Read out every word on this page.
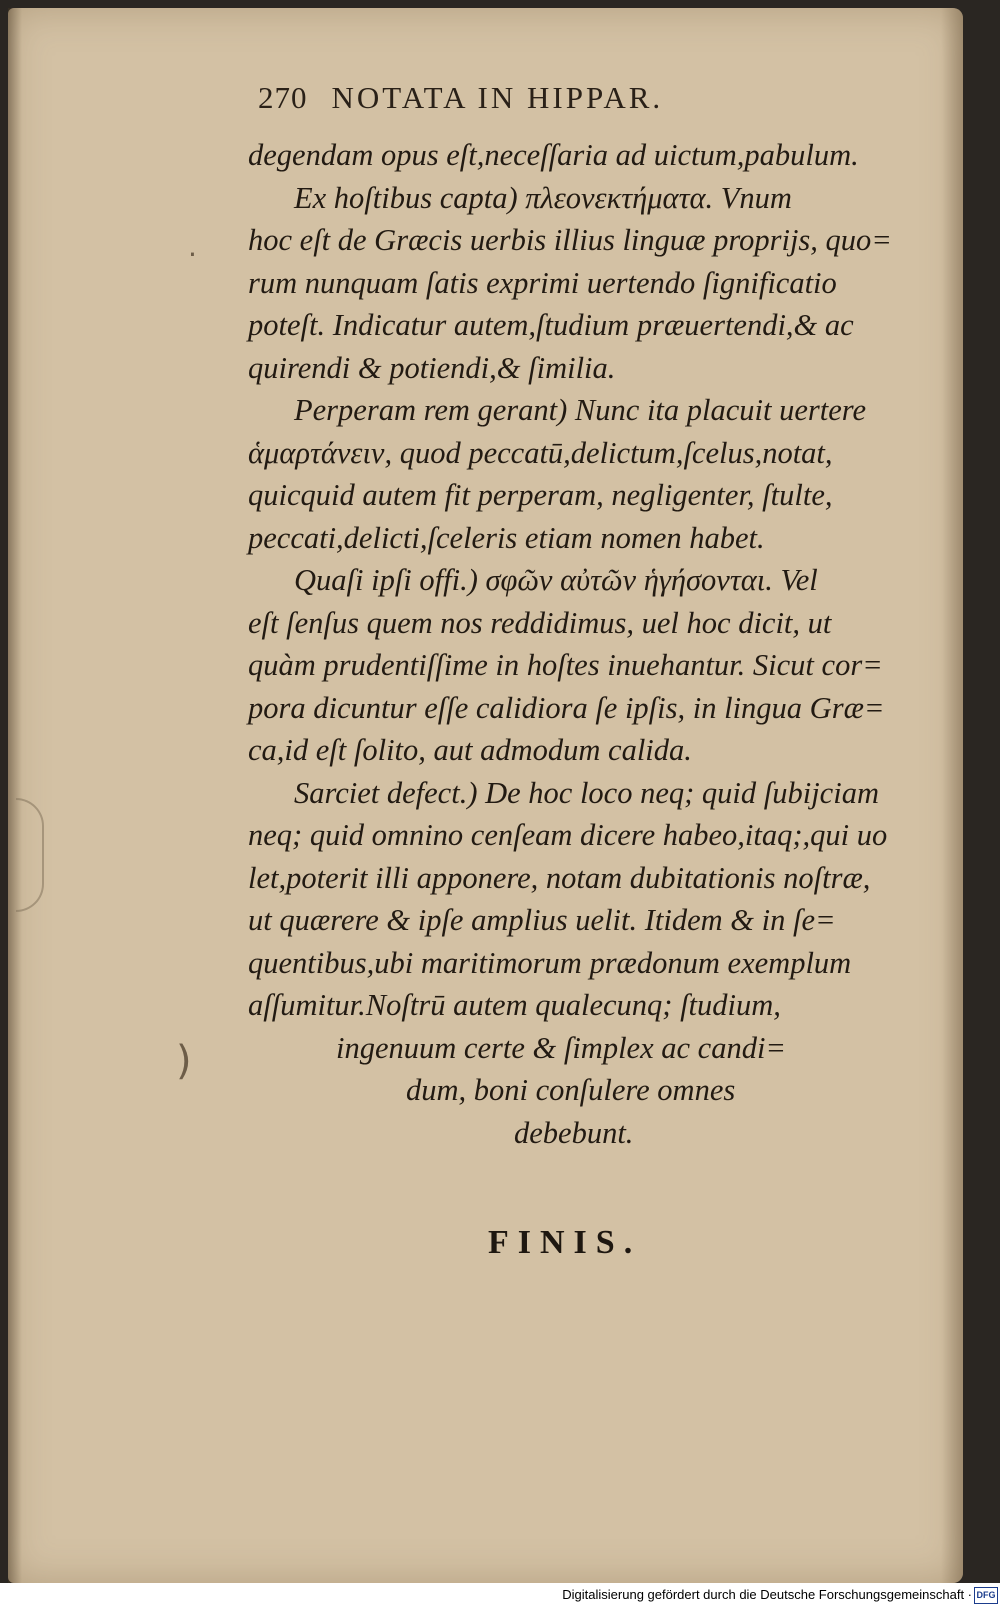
·
)
270 NOTATA IN HIPPAR.
degendam opus eſt,neceſſaria ad uictum,pabulum.
Ex hoſtibus capta) πλεονεκτήματα. Vnum
hoc eſt de Græcis uerbis illius linguæ proprijs, quo=
rum nunquam ſatis exprimi uertendo ſignificatio
poteſt. Indicatur autem,ſtudium præuertendi,& ac
quirendi & potiendi,& ſimilia.
Perperam rem gerant) Nunc ita placuit uertere
ἁμαρτάνειν, quod peccatū,delictum,ſcelus,notat,
quicquid autem fit perperam, negligenter, ſtulte,
peccati,delicti,ſceleris etiam nomen habet.
Quaſi ipſi offi.) σφῶν αὐτῶν ἡγήσονται. Vel
eſt ſenſus quem nos reddidimus, uel hoc dicit, ut
quàm prudentiſſime in hoſtes inuehantur. Sicut cor=
pora dicuntur eſſe calidiora ſe ipſis, in lingua Græ=
ca,id eſt ſolito, aut admodum calida.
Sarciet defect.) De hoc loco neq; quid ſubijciam
neq; quid omnino cenſeam dicere habeo,itaq;,qui uo
let,poterit illi apponere, notam dubitationis noſtræ,
ut quærere & ipſe amplius uelit. Itidem & in ſe=
quentibus,ubi maritimorum prædonum exemplum
aſſumitur.Noſtrū autem qualecunq; ſtudium,
ingenuum certe & ſimplex ac candi=
dum, boni conſulere omnes
debebunt.
FINIS.
Digitalisierung gefördert durch die Deutsche Forschungsgemeinschaft · DFG
